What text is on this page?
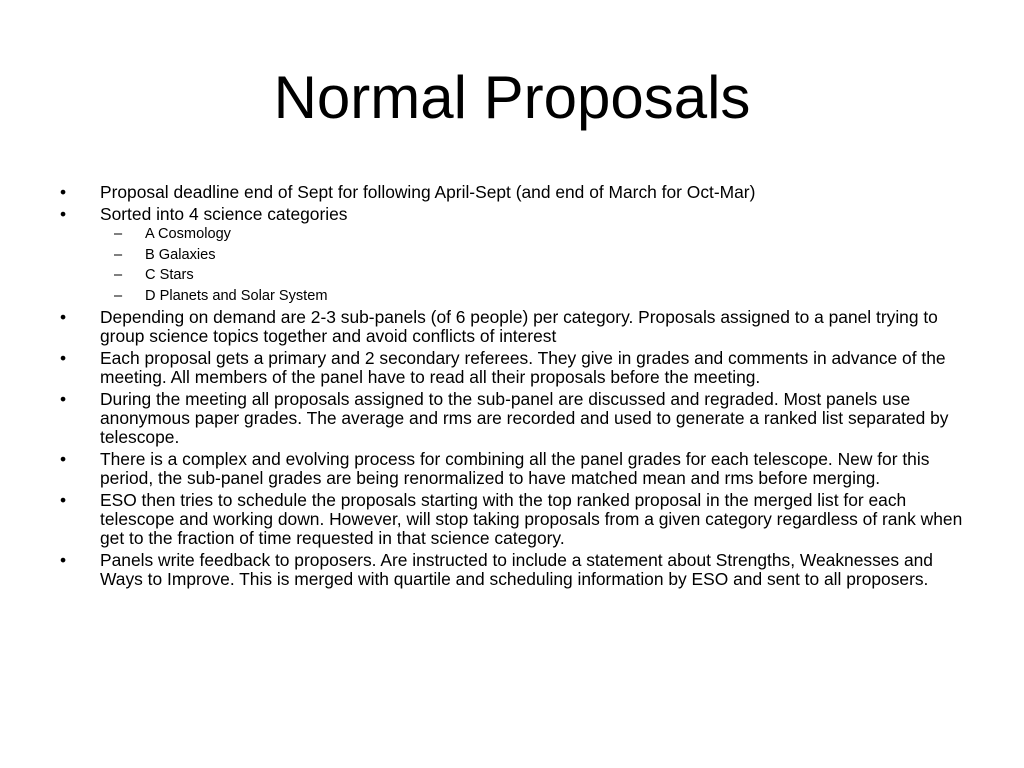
Normal Proposals
•	Proposal deadline end of Sept for following April-Sept (and end of March for Oct-Mar)
•	Sorted into 4 science categories
– A Cosmology
– B Galaxies
– C Stars
– D Planets and Solar System
•	Depending on demand are 2-3 sub-panels (of 6 people) per category. Proposals assigned to a panel trying to group science topics together and avoid conflicts of interest
•	Each proposal gets a primary and 2 secondary referees. They give in grades and comments in advance of the meeting. All members of the panel have to read all their proposals before the meeting.
•	During the meeting all proposals assigned to the sub-panel are discussed and regraded. Most panels use anonymous paper grades. The average and rms are recorded and used to generate a ranked list separated by telescope.
•	There is a complex and evolving process for combining all the panel grades for each telescope. New for this period, the sub-panel grades are being renormalized to have matched mean and rms before merging.
•	ESO then tries to schedule the proposals starting with the top ranked proposal in the merged list for each telescope and working down. However, will stop taking proposals from a given category regardless of rank when get to the fraction of time requested in that science category.
•	Panels write feedback to proposers. Are instructed to include a statement about Strengths, Weaknesses and Ways to Improve. This is merged with quartile and scheduling information by ESO and sent to all proposers.
